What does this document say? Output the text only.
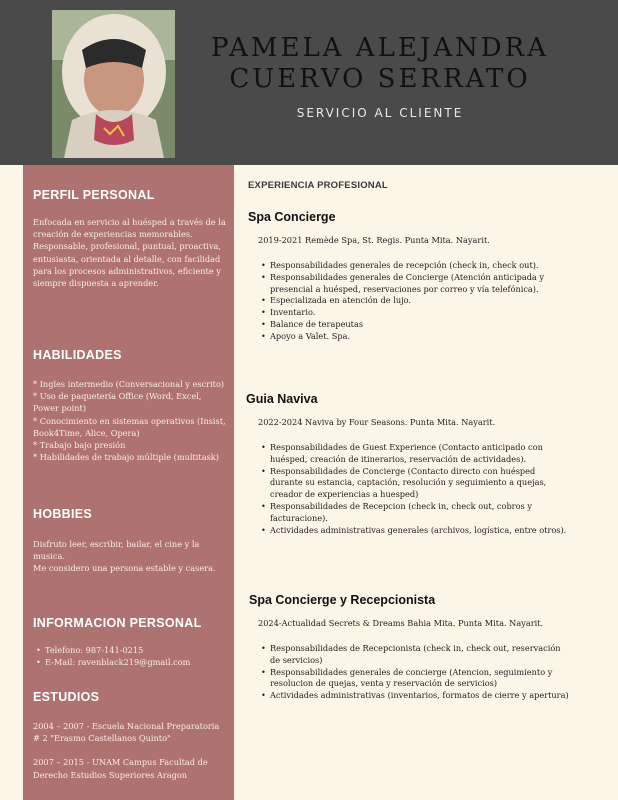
PAMELA ALEJANDRA
CUERVO SERRATO
SERVICIO AL CLIENTE
PERFIL PERSONAL

Enfocada en servicio al huésped a través de la creación de experiencias memorables.

Responsable, profesional, puntual, proactiva, entusiasta, orientada al detalle, con facilidad para los procesos administrativos, eficiente y siempre dispuesta a aprender.

HABILIDADES

* Ingles intermedio (Conversacional y escrito)

* Uso de paquetería Office (Word, Excel, Power point)

* Conocimiento en sistemas operativos (Insist, Book4Time, Alice, Opera)

* Trabajo bajo presión

* Habilidades de trabajo múltiple (multitask)

HOBBIES

Disfruto leer, escribir, bailar, el cine y la musica.

Me considero una persona estable y casera.

INFORMACION PERSONAL
• Telefono: 987-141-0215
• E-Mail: ravenblack219@gmail.com
ESTUDIOS

2004 – 2007 - Escuela Nacional Preparatoria # 2 "Erasmo Castellanos Quinto"

2007 – 2015 - UNAM Campus Facultad de Derecho Estudios Superiores Aragon

EXPERIENCIA PROFESIONAL
Spa Concierge
2019-2021 Remède Spa, St. Regis. Punta Mita. Nayarit.
• Responsabilidades generales de recepción (check in, check out).
• Responsabilidades generales de Concierge (Atención anticipada y presencial a huésped, reservaciones por correo y vía telefónica).
• Especializada en atención de lujo.
• Inventario.
• Balance de terapeutas
• Apoyo a Valet. Spa.
Guia Naviva
2022-2024 Naviva by Four Seasons. Punta Mita. Nayarit.
• Responsabilidades de Guest Experience (Contacto anticipado con huésped, creación de itinerarios, reservación de actividades).
• Responsabilidades de Concierge (Contacto directo con huésped durante su estancia, captación, resolución y seguimiento a quejas, creador de experiencias a huesped)
• Responsabilidades de Recepcion (check in, check out, cobros y facturacione).
• Actividades administrativas generales (archivos, logística, entre otros).
Spa Concierge y Recepcionista
2024-Actualidad Secrets & Dreams Bahia Mita. Punta Mita. Nayarit.
• Responsabilidades de Recepcionista (check in, check out, reservación de servicios)
• Responsabilidades generales de concierge (Atencion, seguimiento y resolucion de quejas, venta y reservación de servicios)
• Actividades administrativas (inventarios, formatos de cierre y apertura)
